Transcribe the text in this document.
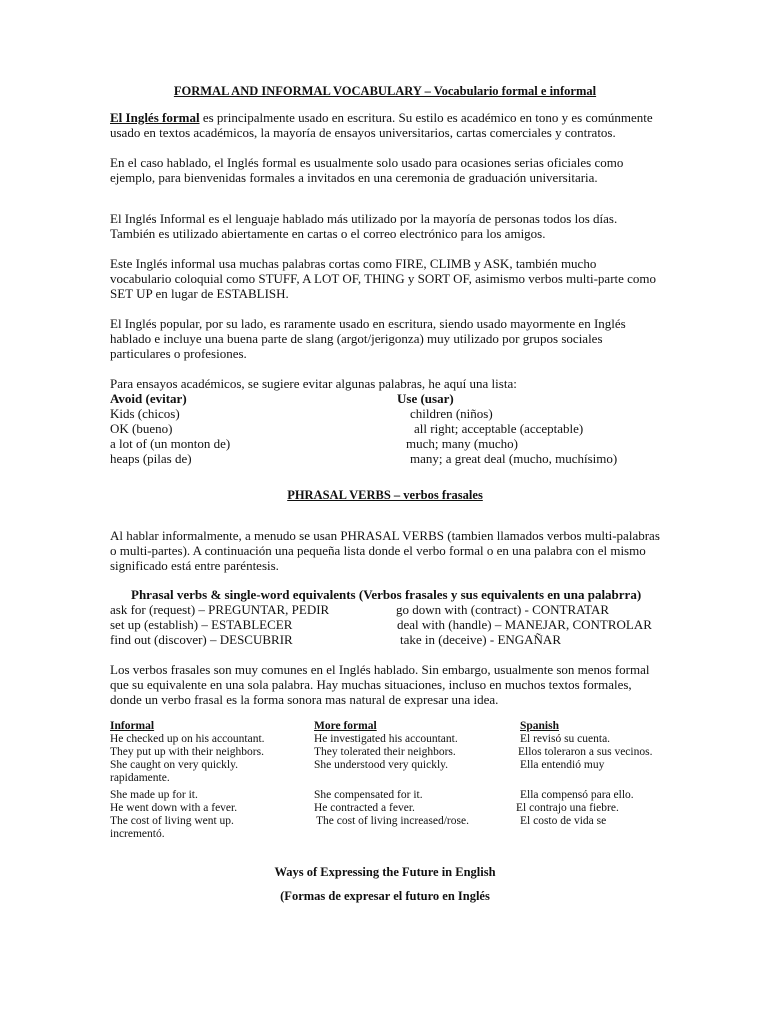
FORMAL AND INFORMAL VOCABULARY – Vocabulario formal e informal

El Inglés formal es principalmente usado en escritura. Su estilo es académico en tono y es comúnmente usado en textos académicos, la mayoría de ensayos universitarios, cartas comerciales y contratos.

En el caso hablado, el Inglés formal es usualmente solo usado para ocasiones serias oficiales como ejemplo, para bienvenidas formales a invitados en una ceremonia de graduación universitaria.

El Inglés Informal es el lenguaje hablado más utilizado por la mayoría de personas todos los días. También es utilizado abiertamente en cartas o el correo electrónico para los amigos.

Este Inglés informal usa muchas palabras cortas como FIRE, CLIMB y ASK, también mucho vocabulario coloquial como STUFF, A LOT OF, THING y SORT OF, asimismo verbos multi-parte como SET UP en lugar de ESTABLISH.

El Inglés popular, por su lado, es raramente usado en escritura, siendo usado mayormente en Inglés hablado e incluye una buena parte de slang (argot/jerigonza) muy utilizado por grupos sociales particulares o profesiones.

Para ensayos académicos, se sugiere evitar algunas palabras, he aquí una lista:
Avoid (evitar)	Use (usar)
Kids (chicos)	children (niños)
OK (bueno)	all right; acceptable (acceptable)
a lot of (un monton de)	much; many (mucho)
heaps (pilas de)	many; a great deal (mucho, muchísimo)
PHRASAL VERBS – verbos frasales

Al hablar informalmente, a menudo se usan PHRASAL VERBS (tambien llamados verbos multi-palabras o multi-partes). A continuación una pequeña lista donde el verbo formal o en una palabra con el mismo significado está entre paréntesis.

Phrasal verbs & single-word equivalents (Verbos frasales y sus equivalents en una palabrra)
ask for (request) – PREGUNTAR, PEDIR	go down with (contract) - CONTRATAR
set up (establish) – ESTABLECER	deal with (handle) – MANEJAR, CONTROLAR
find out (discover) – DESCUBRIR	take in (deceive) - ENGAÑAR

Los verbos frasales son muy comunes en el Inglés hablado. Sin embargo, usualmente son menos formal que su equivalente en una sola palabra. Hay muchas situaciones, incluso en muchos textos formales, donde un verbo frasal es la forma sonora mas natural de expresar una idea.

Informal	More formal	Spanish
He checked up on his accountant.	He investigated his accountant.	El revisó su cuenta.
They put up with their neighbors.	They tolerated their neighbors.	Ellos toleraron a sus vecinos.
She caught on very quickly.	She understood very quickly.	Ella entendió muy
rapidamente.
She made up for it.	She compensated for it.	Ella compensó para ello.
He went down with a fever.	He contracted a fever.	El contrajo una fiebre.
The cost of living went up.	The cost of living increased/rose.	El costo de vida se
incrementó.
Ways of Expressing the Future in English
(Formas de expresar el futuro en Inglés
